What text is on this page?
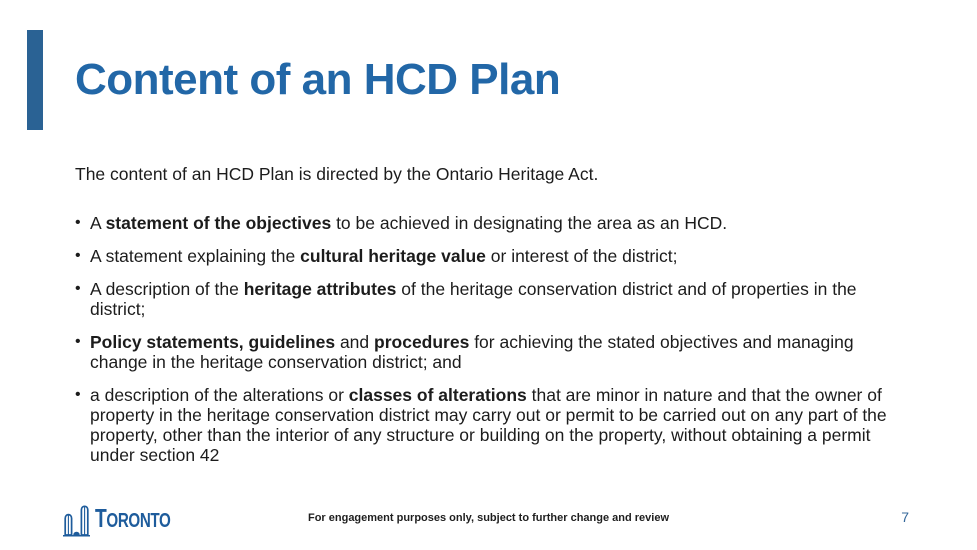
Content of an HCD Plan

The content of an HCD Plan is directed by the Ontario Heritage Act.

• A statement of the objectives to be achieved in designating the area as an HCD.
• A statement explaining the cultural heritage value or interest of the district;
• A description of the heritage attributes of the heritage conservation district and of properties in the district;
• Policy statements, guidelines and procedures for achieving the stated objectives and managing change in the heritage conservation district; and
• a description of the alterations or classes of alterations that are minor in nature and that the owner of property in the heritage conservation district may carry out or permit to be carried out on any part of the property, other than the interior of any structure or building on the property, without obtaining a permit under section 42
T ORONTO	For engagement purposes only, subject to further change and review	7
